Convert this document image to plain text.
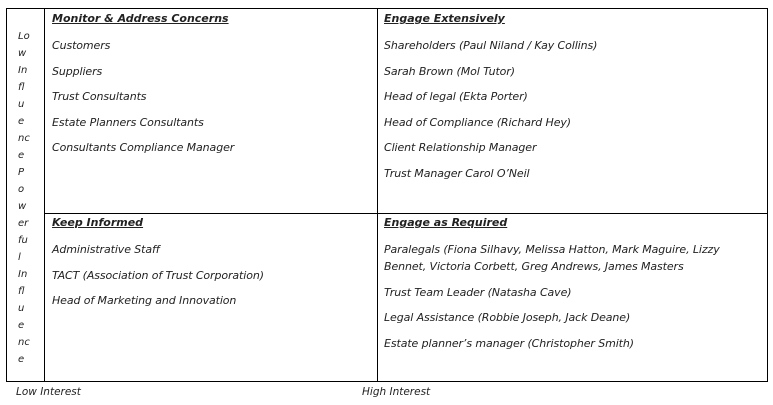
Lo
w
In
fl
u
e
nc
e
P
o
w
er
fu
l
In
fl
u
e
nc
e
Monitor & Address Concerns
Customers
Suppliers
Trust Consultants
Estate Planners Consultants
Consultants Compliance Manager
Engage Extensively
Shareholders (Paul Niland / Kay Collins)
Sarah Brown (Mol Tutor)
Head of legal (Ekta Porter)
Head of Compliance (Richard Hey)
Client Relationship Manager
Trust Manager Carol O’Neil
Keep Informed
Administrative Staff
TACT (Association of Trust Corporation)
Head of Marketing and Innovation
Engage as Required
Paralegals (Fiona Silhavy, Melissa Hatton, Mark Maguire, Lizzy Bennet, Victoria Corbett, Greg Andrews, James Masters
Trust Team Leader (Natasha Cave)
Legal Assistance (Robbie Joseph, Jack Deane)
Estate planner’s manager (Christopher Smith)
Low Interest	High Interest
